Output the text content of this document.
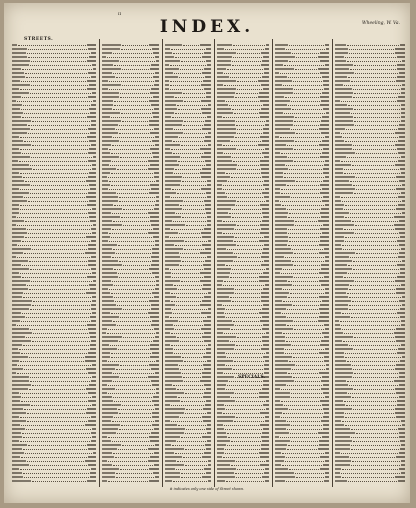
II
INDEX.	Wheeling, W. Va.
STREETS.
SPECIALS.
# indicates only one side of Street shown.
